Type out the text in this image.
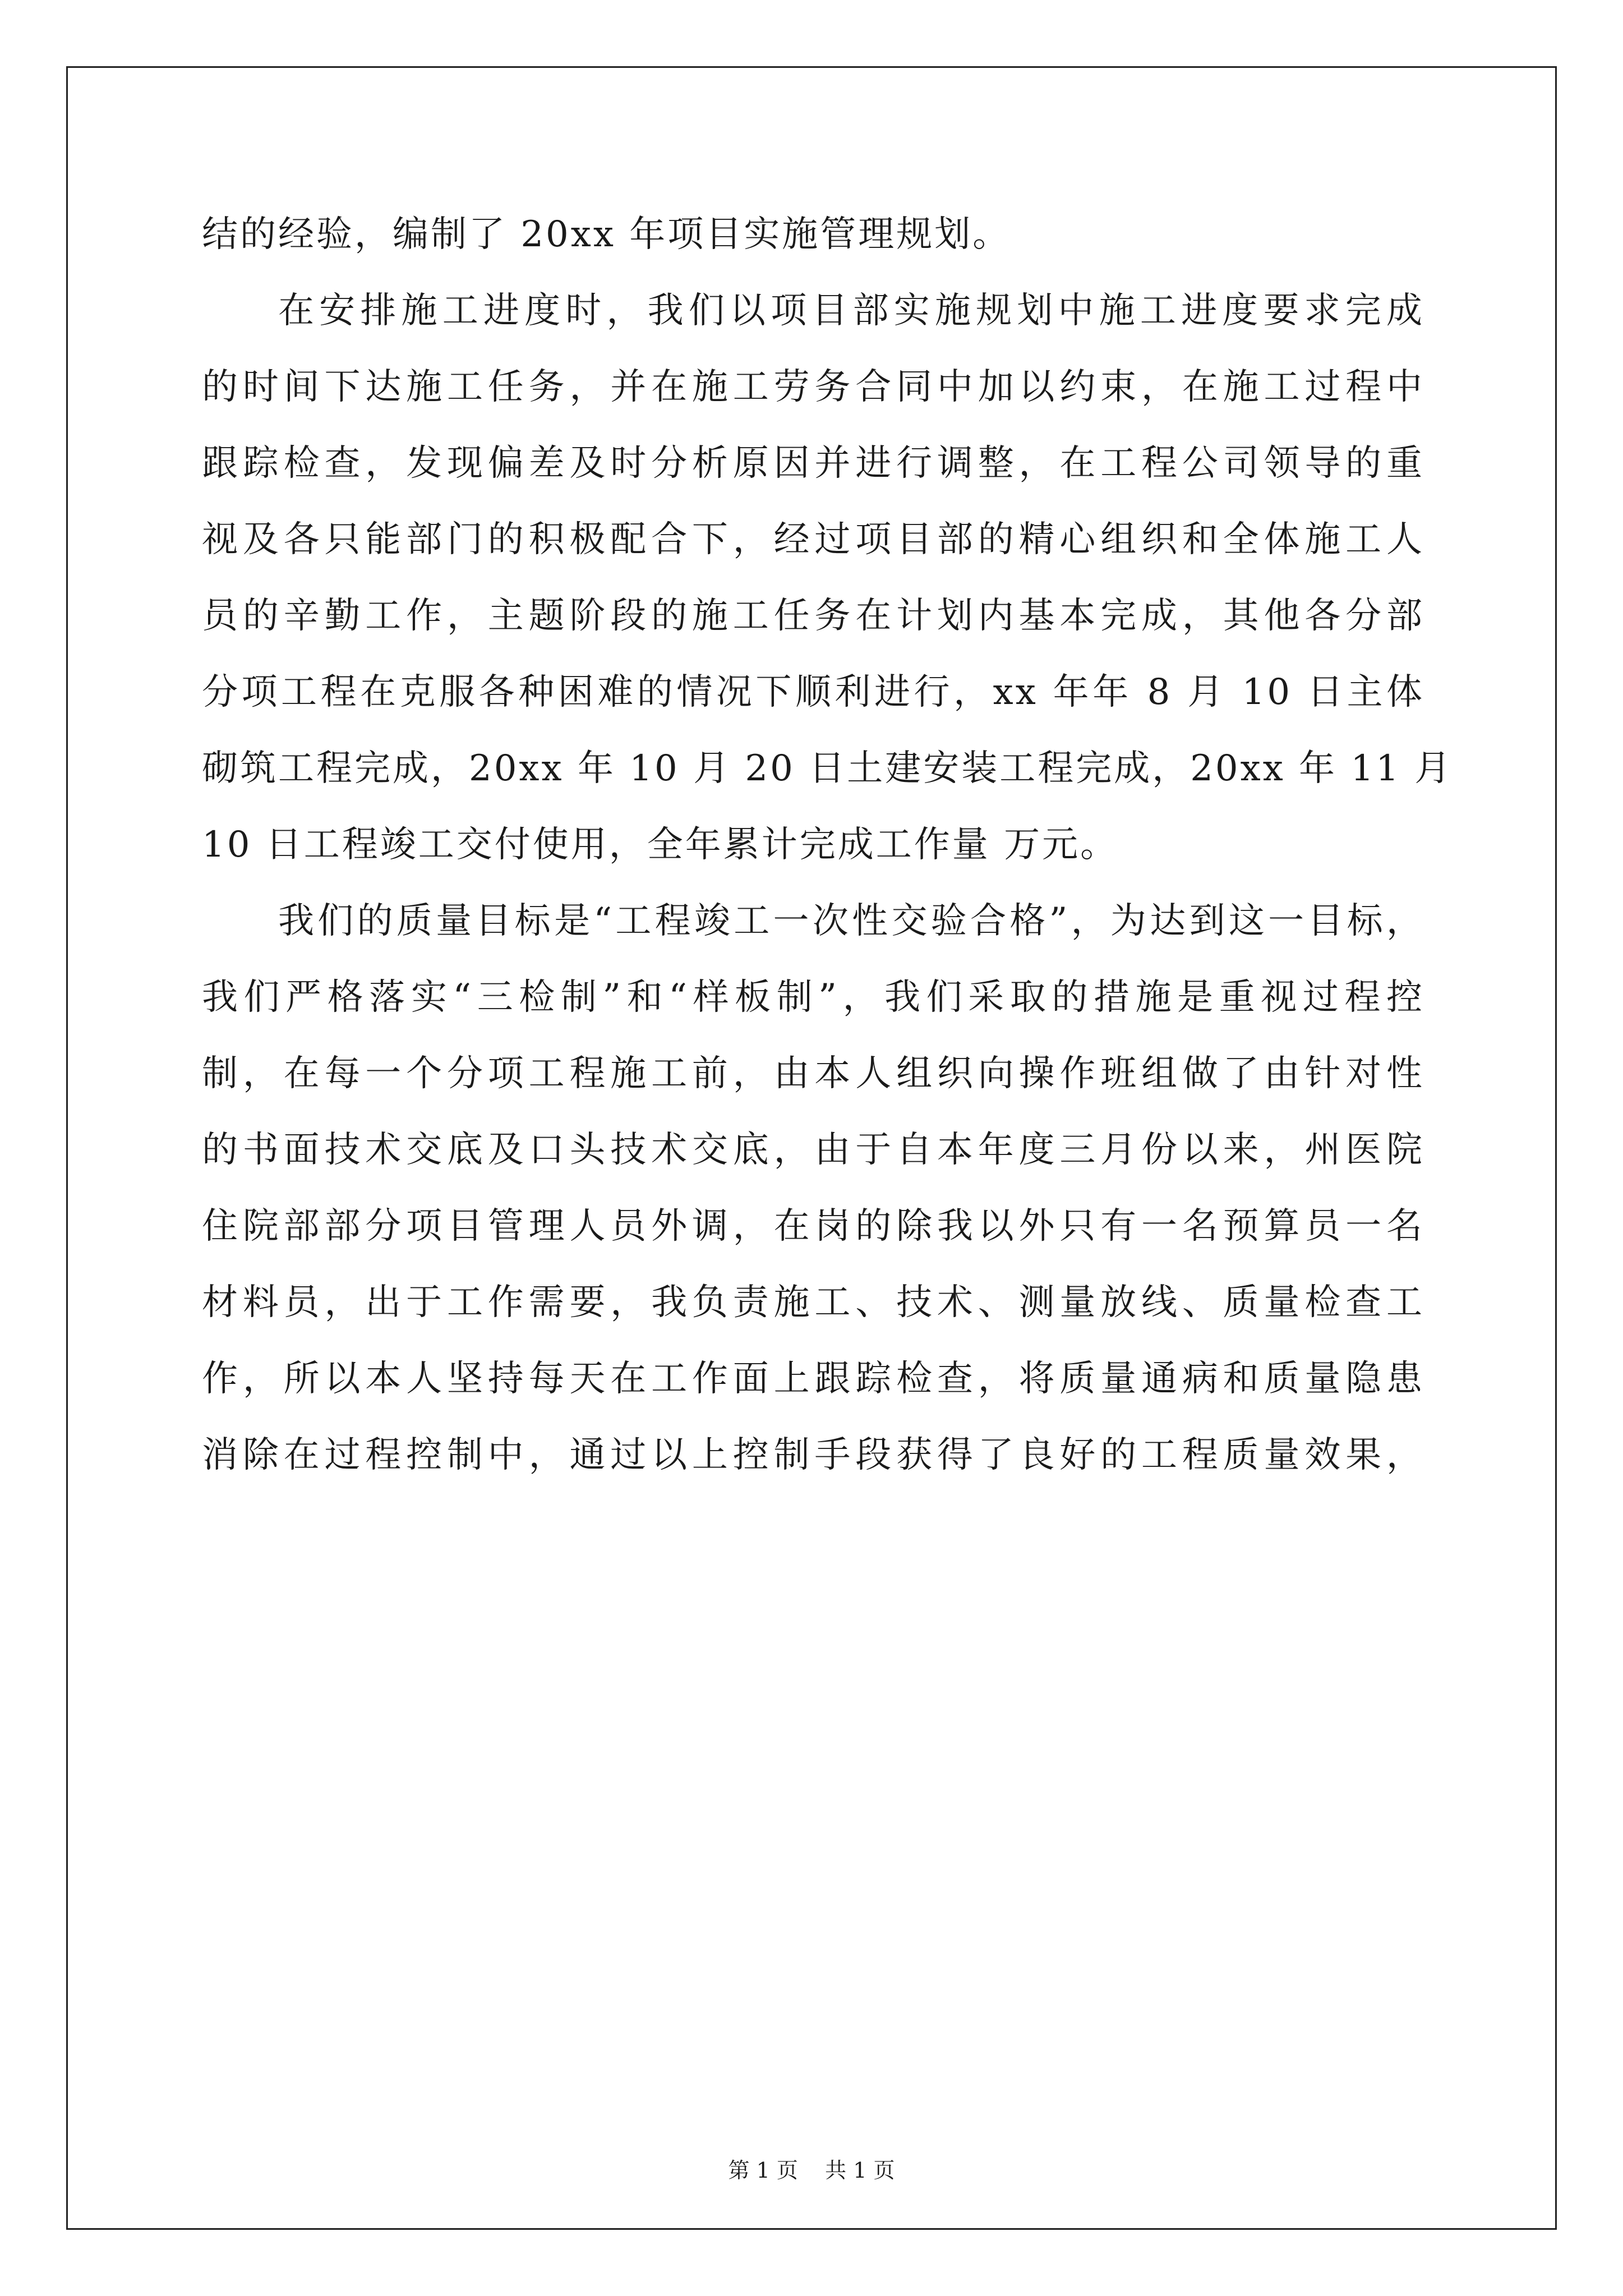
结的经验，编制了 20xx 年项目实施管理规划。

在安排施工进度时，我们以项目部实施规划中施工进度要求完成
的时间下达施工任务，并在施工劳务合同中加以约束，在施工过程中
跟踪检查，发现偏差及时分析原因并进行调整，在工程公司领导的重
视及各只能部门的积极配合下，经过项目部的精心组织和全体施工人
员的辛勤工作，主题阶段的施工任务在计划内基本完成，其他各分部
分项工程在克服各种困难的情况下顺利进行，xx 年年 8 月 10 日主体
砌筑工程完成，20xx 年 10 月 20 日土建安装工程完成，20xx 年 11 月
10 日工程竣工交付使用，全年累计完成工作量 万元。

我们的质量目标是“工程竣工一次性交验合格”，为达到这一目标，
我们严格落实“三检制”和“样板制”，我们采取的措施是重视过程控
制，在每一个分项工程施工前，由本人组织向操作班组做了由针对性
的书面技术交底及口头技术交底，由于自本年度三月份以来，州医院
住院部部分项目管理人员外调，在岗的除我以外只有一名预算员一名
材料员，出于工作需要，我负责施工、技术、测量放线、质量检查工
作，所以本人坚持每天在工作面上跟踪检查，将质量通病和质量隐患
消除在过程控制中，通过以上控制手段获得了良好的工程质量效果，

第 1 页    共 1 页
